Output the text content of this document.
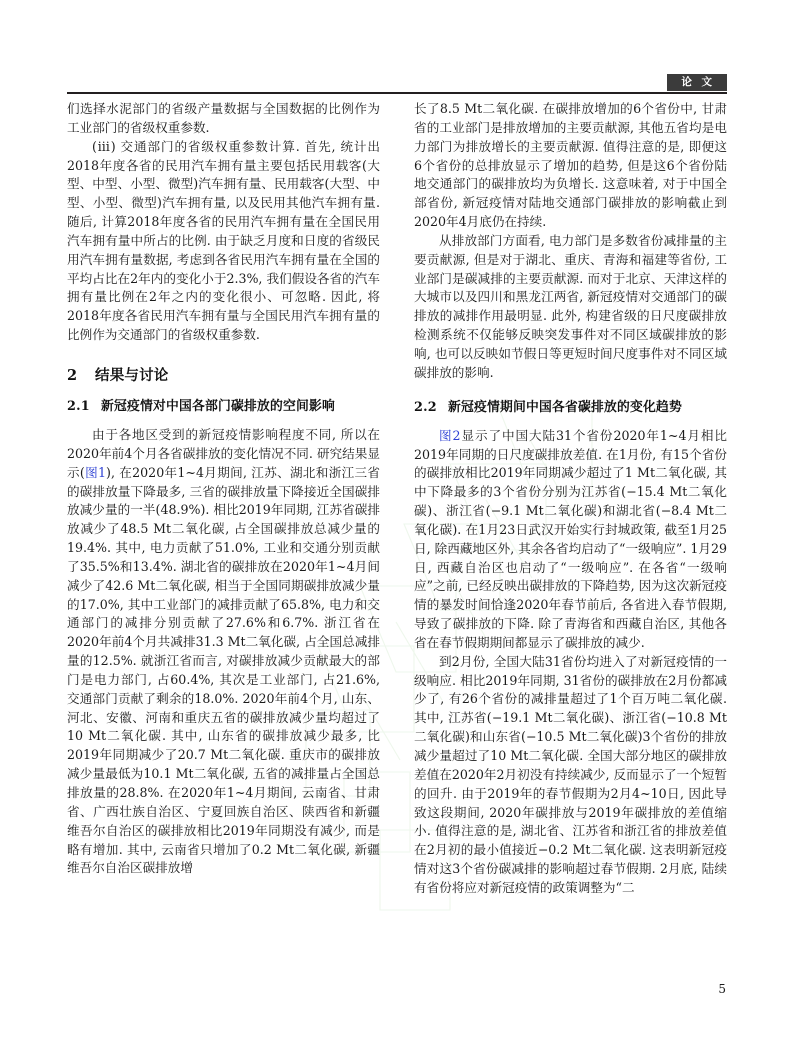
论 文

们选择水泥部门的省级产量数据与全国数据的比例作为工业部门的省级权重参数.

(ⅲ) 交通部门的省级权重参数计算. 首先, 统计出2018年度各省的民用汽车拥有量主要包括民用载客(大型、中型、小型、微型)汽车拥有量、民用载客(大型、中型、小型、微型)汽车拥有量, 以及民用其他汽车拥有量. 随后, 计算2018年度各省的民用汽车拥有量在全国民用汽车拥有量中所占的比例. 由于缺乏月度和日度的省级民用汽车拥有量数据, 考虑到各省民用汽车拥有量在全国的平均占比在2年内的变化小于2.3%, 我们假设各省的汽车拥有量比例在2年之内的变化很小、可忽略. 因此, 将2018年度各省民用汽车拥有量与全国民用汽车拥有量的比例作为交通部门的省级权重参数.

2 结果与讨论
2.1 新冠疫情对中国各部门碳排放的空间影响

由于各地区受到的新冠疫情影响程度不同, 所以在2020年前4个月各省碳排放的变化情况不同. 研究结果显示(图1), 在2020年1~4月期间, 江苏、湖北和浙江三省的碳排放量下降最多, 三省的碳排放量下降接近全国碳排放减少量的一半(48.9%). 相比2019年同期, 江苏省碳排放减少了48.5 Mt二氧化碳, 占全国碳排放总减少量的19.4%. 其中, 电力贡献了51.0%, 工业和交通分别贡献了35.5%和13.4%. 湖北省的碳排放在2020年1~4月间减少了42.6 Mt二氧化碳, 相当于全国同期碳排放减少量的17.0%, 其中工业部门的减排贡献了65.8%, 电力和交通部门的减排分别贡献了27.6%和6.7%. 浙江省在2020年前4个月共减排31.3 Mt二氧化碳, 占全国总减排量的12.5%. 就浙江省而言, 对碳排放减少贡献最大的部门是电力部门, 占60.4%, 其次是工业部门, 占21.6%, 交通部门贡献了剩余的18.0%. 2020年前4个月, 山东、河北、安徽、河南和重庆五省的碳排放减少量均超过了10 Mt二氧化碳. 其中, 山东省的碳排放减少最多, 比2019年同期减少了20.7 Mt二氧化碳. 重庆市的碳排放减少量最低为10.1 Mt二氧化碳, 五省的减排量占全国总排放量的28.8%. 在2020年1~4月期间, 云南省、甘肃省、广西壮族自治区、宁夏回族自治区、陕西省和新疆维吾尔自治区的碳排放相比2019年同期没有减少, 而是略有增加. 其中, 云南省只增加了0.2 Mt二氧化碳, 新疆维吾尔自治区碳排放增

长了8.5 Mt二氧化碳. 在碳排放增加的6个省份中, 甘肃省的工业部门是排放增加的主要贡献源, 其他五省均是电力部门为排放增长的主要贡献源. 值得注意的是, 即便这6个省份的总排放显示了增加的趋势, 但是这6个省份陆地交通部门的碳排放均为负增长. 这意味着, 对于中国全部省份, 新冠疫情对陆地交通部门碳排放的影响截止到2020年4月底仍在持续.

从排放部门方面看, 电力部门是多数省份减排量的主要贡献源, 但是对于湖北、重庆、青海和福建等省份, 工业部门是碳减排的主要贡献源. 而对于北京、天津这样的大城市以及四川和黑龙江两省, 新冠疫情对交通部门的碳排放的减排作用最明显. 此外, 构建省级的日尺度碳排放检测系统不仅能够反映突发事件对不同区域碳排放的影响, 也可以反映如节假日等更短时间尺度事件对不同区域碳排放的影响.

2.2 新冠疫情期间中国各省碳排放的变化趋势

图2显示了中国大陆31个省份2020年1~4月相比2019年同期的日尺度碳排放差值. 在1月份, 有15个省份的碳排放相比2019年同期减少超过了1 Mt二氧化碳, 其中下降最多的3个省份分别为江苏省(−15.4 Mt二氧化碳)、浙江省(−9.1 Mt二氧化碳)和湖北省(−8.4 Mt二氧化碳). 在1月23日武汉开始实行封城政策, 截至1月25日, 除西藏地区外, 其余各省均启动了“一级响应”. 1月29日, 西藏自治区也启动了“一级响应”. 在各省“一级响应”之前, 已经反映出碳排放的下降趋势, 因为这次新冠疫情的暴发时间恰逢2020年春节前后, 各省进入春节假期, 导致了碳排放的下降. 除了青海省和西藏自治区, 其他各省在春节假期期间都显示了碳排放的减少.

到2月份, 全国大陆31省份均进入了对新冠疫情的一级响应. 相比2019年同期, 31省份的碳排放在2月份都减少了, 有26个省份的减排量超过了1个百万吨二氧化碳. 其中, 江苏省(−19.1 Mt二氧化碳)、浙江省(−10.8 Mt二氧化碳)和山东省(−10.5 Mt二氧化碳)3个省份的排放减少量超过了10 Mt二氧化碳. 全国大部分地区的碳排放差值在2020年2月初没有持续减少, 反而显示了一个短暂的回升. 由于2019年的春节假期为2月4~10日, 因此导致这段期间, 2020年碳排放与2019年碳排放的差值缩小. 值得注意的是, 湖北省、江苏省和浙江省的排放差值在2月初的最小值接近−0.2 Mt二氧化碳. 这表明新冠疫情对这3个省份碳减排的影响超过春节假期. 2月底, 陆续有省份将应对新冠疫情的政策调整为“二

5
